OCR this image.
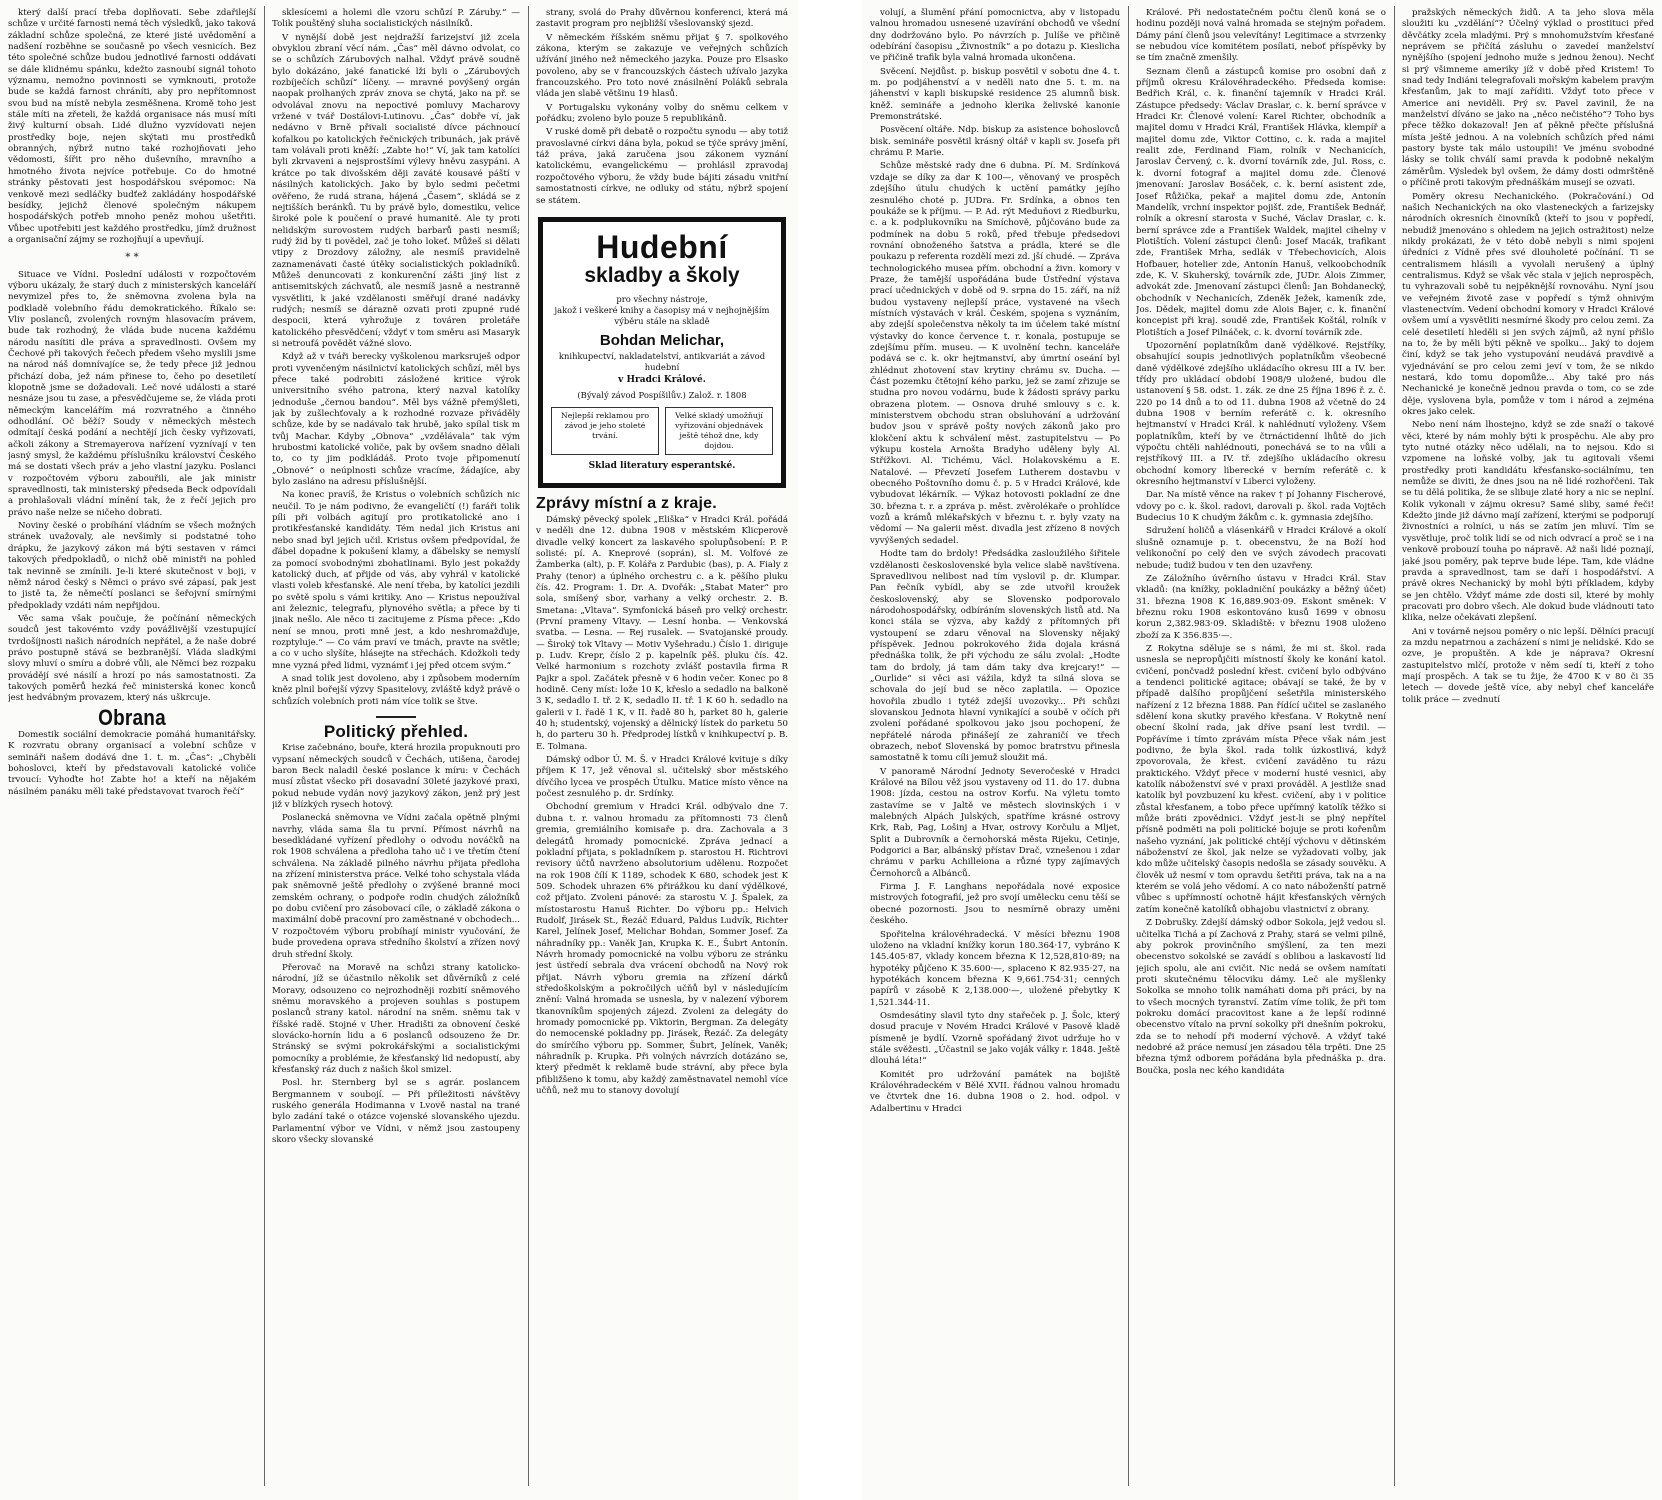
který další prací třeba doplňovati. Sebe zdařilejší schůze v určité farnosti nemá těch výsledků, jako taková základní schůze společná, ze které jisté uvědomění a nadšení rozběhne se současně po všech vesnicích. Bez této společné schůze budou jednotlivé farnosti oddávati se dále klidnému spánku, kdežto zasnoubí signál tohoto významu, nemožno povinnosti se vymknouti, protože bude se každá farnost chráníti, aby pro nepřítomnost svou bud na místě nebyla zesměšnena. Kromě toho jest stále míti na zřeteli, že každá organisace nás musí míti živý kulturní obsah. Lidé dlužno vyzvídovati nejen prostředky boje, nejen skýtati mu prostředků obranných, nýbrž nutno také rozhojňovati jeho vědomosti, šířit pro něho duševního, mravního a hmotného života nejvíce potřebuje. Co do hmotné stránky pěstovati jest hospodářskou svépomoc: Na venkově mezi sedláčky budťež zakládány hospodářské besídky, jejichž členové společným nákupem hospodářských potřeb mnoho peněz mohou ušetřiti. Vůbec upotřebiti jest každého prostředku, jímž družnost a organisační zájmy se rozhojňují a upevňují.

* *

Situace ve Vídni. Poslední události v rozpočtovém výboru ukázaly, že starý duch z ministerských kanceláří nevymizel přes to, že sněmovna zvolena byla na podkladě volebního řádu demokratického. Říkalo se: Vliv poslanců, zvolených rovným hlasovacím právem, bude tak rozhodný, že vláda bude nucena každému národu nasítiti dle práva a spravedlnosti. Ovšem my Čechové při takových řečech předem všeho myslili jsme na národ náš domnívajíce se, že tedy přece již jednou přichází doba, jež nám přinese to, čeho po desetiletí klopotně jsme se dožadovali. Leč nové události a staré nesnáze jsou tu zase, a přesvědčujeme se, že vláda proti německým kancelářím má rozvratného a činného odhodlání. Oč běží? Soudy v německých městech odmítají česká podání a nechtějí jich česky vyřizovati, ačkoli zákony a Stremayerova nařízení vyznívají v ten jasný smysl, že každému příslušníku království Českého má se dostati všech práv a jeho vlastní jazyku. Poslanci v rozpočtovém výboru zabouřili, ale jak ministr spravedlnosti, tak ministerský předseda Beck odpovídali a prohlašovali vládní mínění tak, že z řečí jejich pro právo naše nelze se ničeho dobrati.

Noviny české o probíhání vládním se všech možných stránek uvažovaly, ale nevšimly si podstatné toho drápku, že jazykový zákon má býti sestaven v rámci takových předpokladů, o nichž obě ministři na pohled tak nevinně se zmínili. Je-li které skutečnost v boji, v němž národ český s Němci o právo své zápasí, pak jest to jistě ta, že němečtí poslanci se šeřojvní smírnými předpoklady vzdáti nám nepřijdou.

Věc sama však poučuje, že počínání německých soudců jest takovémto vzdy povážlivější vzestupující tvrdošíjnosti našich národních nepřátel, a že naše dobré právo postupně stává se bezbranější. Vláda sladkými slovy mluví o smíru a dobré vůli, ale Němci bez rozpaku provádějí své násilí a hrozí po nás samostatnosti. Za takových poměrů hezká řeč ministerská konec konců jest hedvábným provazem, který nás uškrcuje.

Obrana

Domestik sociální demokracie pomáhá humanitářsky. K rozvratu obrany organisací a volební schůze v semináři našem dodává dne 1. t. m. „Čas“: „Chyběli bohoslovci, kteří by představovali katolické voliče trvoucí: Vyhoďte ho! Zabte ho! a kteří na nějakém násilném panáku měli také představovat tvaroch řečí“

sklesícemi a holemi dle vzoru schůzí P. Záruby.“ — Tolik pouštěný sluha socialistických násilníků.

V nynější době jest nejdražší farizejství již zcela obvyklou zbraní věcí nám. „Čas“ měl dávno odvolat, co se o schůzích Zárubových nalhal. Vždyť právě soudně bylo dokázáno, jaké fanatické lži byli o „Zárubových rozbíječích schůzí“ líčeny. — mravné povýšený orgán naopak prolhaných zpráv znova se chytá, jako na př. se odvolával znovu na nepoctivé pomluvy Macharovy vržené v tvář Dostálovi-Lutinovu. „Čas“ dobře ví, jak nedávno v Brně přivali socialisté dívce páchnoucí kofalkou po katolických řečnických tribunách, jak právě tam volávali proti kněží: „Zabte ho!“ Ví, jak tam katolíci byli zkrvaveni a nejsprostšími výlevy hněvu zasypáni. A krátce po tak divošském ději zaváté kousavé páští v násilných katolických. Jako by bylo sedmi pečetmi ověřeno, že rudá strana, hájená „Časem“, skládá se z nejtišších beránků. Tu by právě bylo, domestiku, velice široké pole k poučení o pravé humanitě. Ale ty proti nelidským surovostem rudých barbarů pasti nesmíš; rudý žid by ti povědel, zač je toho lokeť. Můžeš si dělati vtipy z Drozdovy záložny, ale nesmíš pravidelně zaznamenávati časté útěky socialistických pokladníků. Můžeš denuncovati z konkurenční zášti jiný list z antisemitských záchvatů, ale nesmíš jasně a nestranně vysvětliti, k jaké vzdělanosti směřují drané nadávky rudých; nesmíš se dárazně ozvati proti zpupné rudé despocii, která vyhrožuje z továren proletáře katolického přesvědčení; vždyť v tom směru asi Masaryk si netroufá povědět vážné slovo.

Když až v tváři berecky vyškolenou marksruješ odpor proti vyvenčeným násilnictví katolických schůzí, měl bys přece také podrobiti zásložené kritice výrok universitního svého patrona, který nazval katolíky jednoduše „černou bandou“. Měl bys vážně přemýšleti, jak by zušlechťovaly a k rozhodné rozvaze přiváděly schůze, kde by se nadávalo tak hrubě, jako spílal tisk m tvůj Machar. Kdyby „Obnova“ „vzdělávala“ tak vým hrubostmi katolické voliče, pak by ovšem snadno dělali to, co ty jim podkládáš. Proto tvoje připomenutí „Obnové“ o neúplnosti schůze vracíme, žádajíce, aby bylo zasláno na adresu příslušnější.

Na konec pravíš, že Kristus o volebních schůzích nic neučil. To je nám podivno, že evangeličtí (!) faráři tolik píli při volbách agitují pro protikatolické ano i protikřesťanské kandidáty. Tém nedal jich Kristus ani nebo snad byl jejich učil. Kristus ovšem předpovídal, že ďábel dopadne k pokušení klamy, a ďábelsky se nemyslí za pomocí svobodnými zbohatlinami. Bylo jest pokaždy katolický duch, ať přijde od vás, aby vyhrál v katolické vlasti voleb křesťanské. Ale není třeba, by katolíci jezdili po světě spolu s vámi kritiky. Ano — Kristus nepoužíval ani železnic, telegrafu, plynového světla; a přece by ti jinak nešlo. Ale něco ti zacitujeme z Písma přece: „Kdo není se mnou, proti mně jest, a kdo neshromažďuje, rozptyluje.“ — Co vám praví ve tmách, pravte na světle; a co v ucho slyšíte, hlásejte na střechách. Kdožkoli tedy mne vyzná před lidmi, vyznámť i jej před otcem svým.“

A snad tolik jest dovoleno, aby i způsobem moderním kněz plnil bořejší výzvy Spasitelovy, zvláště když právě o schůzích volebních proti nám více tolik se štve.

Politický přehled.

Krise začebnáno, bouře, která hrozila propuknouti pro vypsaní německých soudců v Čechách, utišena, čarodej baron Beck naladil české poslance k míru: v Čechách musí zůstat všecko při dosavadní 30leté jazykové praxi, pokud nebude vydán nový jazykový zákon, jenž prý jest již v blízkých rysech hotový.

Poslanecká sněmovna ve Vídni začala opětně plnými navrhy, vláda sama šla tu první. Přímost návrhů na besedkládané vyřízení předlohy o odvodu nováčků na rok 1908 schválena a předloha taho uč i ve třetím čtení schválena. Na základě pilného návrhu přijata předloha na zřízení ministerstva práce. Velké toho schystala vláda pak sněmovně ještě předlohy o zvýšené branné moci zemském ochrany, o podpoře rodin chudých záložníků po dobu cvičení pro zásobovací cíle, o základě zákona o maximální době pracovní pro zaměstnané v obchodech... V rozpočtovém výboru probíhají ministr vyučování, že bude provedena oprava středního školství a zřízen nový druh střední školy.

Přerovač na Moravě na schůzi strany katolicko-národní, jíž se účastnilo několik set důvěrníků z celé Moravy, odsouzeno co nejrozhodněji rozbití sněmového sněmu moravského a projeven souhlas s postupem poslanců strany katol. národní na sněm. sněmu tak v říšské radě. Stojné v Uher. Hradišti za obnovení české slovácko-hornín lidu a 6 poslanců odsouzeno že Dr. Stránský se svými pokrokářskými a socialistickými pomocníky a problémie, že křesťanský lid nedopustí, aby křesťanský ráz duch z našich škol smizel.

Posl. hr. Sternberg byl se s agrár. poslancem Bergmannem v soubojí. — Při příležitosti návštěvy ruského generála Hodimanna v Lvově nastal na trané bylo zadání také o otázce vojenské slovanského ujezdu. Parlamentní výbor ve Vídni, v němž jsou zastoupeny skoro všecky slovanské

strany, svolá do Prahy důvěrnou konferenci, která má zastavit program pro nejbližší všeslovanský sjezd.

V německém říšském sněmu přijat § 7. spolkového zákona, kterým se zakazuje ve veřejných schůzích užívání jiného než německého jazyka. Pouze pro Elsasko povoleno, aby se v francouzských částech užívalo jazyka francouzského. Pro toto nové znásilnění Poláků sebrala vláda jen slabě většinu 19 hlasů.

V Portugalsku vykonány volby do sněmu celkem v pořádku; zvoleno bylo pouze 5 republikánů.

V ruské domě při debatě o rozpočtu synodu — aby totiž pravoslavné církvi dána byla, pokud se týče správy jmění, táž práva, jaká zaručena jsou zákonem vyznání katolickému, evangelickému — prohlásil zpravodaj rozpočtového výboru, že vždy bude bájiti zásadu vnitřní samostatnosti církve, ne odluky od státu, nýbrž spojení se státem.

Hudební
skladby a školy
pro všechny nástroje,
jakož i veškeré knihy a časopisy má v nejhojnějším výběru stále na skladě
Bohdan Melichar,
knihkupectví, nakladatelství, antikvariát a závod hudební
v Hradci Králové.
(Bývalý závod Pospíšilův.) Založ. r. 1808
Nejlepší reklamou pro závod je jeho stoleté trvání.
Velké skladý umožňují vyřizování objednávek ještě téhož dne, kdy dojdou.
Sklad literatury esperantské.
Zprávy místní a z kraje.

Dámský pěvecký spolek „Eliška“ v Hradci Král. pořádá v neděli dne 12. dubna 1908 v městském Klicperově divadle velký koncert za laskavého spolupůsobení: P. P. solisté: pí. A. Kneprové (soprán), sl. M. Volfové ze Žamberka (alt), p. F. Kolářa z Pardubic (bas), p. A. Fialy z Prahy (tenor) a úplného orchestru c. a k. pěšího pluku čís. 42. Program: 1. Dr. A. Dvořák: „Stabat Mater“ pro sola, smíšený sbor, varhany a velký orchestr. 2. B. Smetana: „Vltava“. Symfonická báseň pro velký orchestr. (První prameny Vltavy. — Lesní honba. — Venkovská svatba. — Lesna. — Rej rusalek. — Svatojanské proudy. — Široký tok Vltavy — Motiv Vyšehradu.) Číslo 1. diriguje p. Ludv. Krepr, číslo 2 p. kapelník pěš. pluku čís. 42. Velké harmonium s rozchoty zvlášť postavila firma R Pajkr a spol. Začátek přesně v 6 hodin večer. Konec po 8 hodině. Ceny míst: lože 10 K, křeslo a sedadlo na balkoně 3 K, sedadlo I. tř. 2 K, sedadlo II. tř. 1 K 60 h. sedadlo na galerii v I. řadě 1 K, v II. řadě 80 h, parket 80 h, galerie 40 h; studentský, vojenský a dělnický lístek do parketu 50 h, do parteru 30 h. Předprodej lístků v knihkupectví p. B. E. Tolmana.

Dámský odbor Ú. M. Š. v Hradci Králové kvituje s díky příjem K 17, jež věnoval sl. učitelský sbor městského dívčího lycea ve prospěch Útulku. Matice místo věnce na počest zesnulého p. dr. Srdínky.

Obchodní gremium v Hradci Král. odbývalo dne 7. dubna t. r. valnou hromadu za přítomnosti 73 členů gremia, gremiálního komisaře p. dra. Zachovala a 3 delegátů hromady pomocnické. Zpráva jednací a pokladní přijata, s pokladníkem p. starostou H. Richtrovi revisory účtů navrženo absolutorium udělenu. Rozpočet na rok 1908 čílí K 1189, schodek K 680, schodek jest K 509. Schodek uhrazen 6% přirážkou ku daní výdělkové, což přijato. Zvoleni pánové: za starostu V. J. Špalek, za místostarostu Hanuš Richter. Do výboru pp.: Helvich Rudolf, Jirásek St., Řezáč Eduard, Paldus Ludvík, Richter Karel, Jelínek Josef, Melichar Bohdan, Sommer Josef. Za náhradníky pp.: Vaněk Jan, Krupka K. E., Šubrt Antonín. Návrh hromady pomocnické na volbu výboru ze stránku jest ústředí sebrala dva vrácení obchodů na Nový rok přijat. Návrh výboru gremia na zřízení dárků středoškolským a pokročilých učňů byl v následujícím znění: Valná hromada se usnesla, by v nalezení výborem tkanovníkům spojených zájezd. Zvoleni za delegáty do hromady pomocnické pp. Viktorin, Bergman. Za delegáty do nemocenské pokladny pp. Jirásek, Řezáč. Za delegáty do smírčího výboru pp. Sommer, Šubrt, Jelínek, Vaněk; náhradník p. Krupka. Při volných návrzích dotázáno se, který předmět k reklamě bude strávní, aby přece byla pfibližšeno k tomu, aby každý zaměstnavatel nemohl více učňů, než mu to stanovy dovolují

volují, a šlumění přání pomocnictva, aby v listopadu valnou hromadou usnesené uzavírání obchodů ve všední dny dodržováno bylo. Po návrzích p. Julíše ve přičině odebírání časopisu „Živnostník“ a po dotazu p. Kieslicha ve přičině trafik byla valná hromada ukončena.

Svěcení. Nejdůst. p. biskup posvětil v sobotu dne 4. t. m. po podjáhenství a v neděli nato dne 5. t. m. na jáhenství v kapli biskupské residence 25 alumnů bisk. kněž. semináře a jednoho klerika želivské kanonie Premonstrátské.

Posvěcení oltáře. Ndp. biskup za asistence bohoslovců bisk. semináře posvětil krásný oltář v kapli sv. Josefa při chrámu P. Marie.

Schůze městské rady dne 6 dubna. Pí. M. Srdínková vzdaje se díky za dar K 100—, věnovaný ve prospěch zdejšího útulu chudých k uctění památky jejího zesnulého choté p. JUDra. Fr. Srdínka, a obnos ten poukáže se k příjmu. — P. Ad. rýt Meduňovi z Riedburku, c. a k. podplukovníku na Smíchově, půjčováno bude za podmínek na dobu 5 roků, před třebuje předsedovi rovnání obnoženého šatstva a prádla, které se dle poukazu p referenta rozdělí mezi zd. jší chudé. — Zpráva technologického musea přím. obchodní a živn. komory v Praze, že tamější uspořádána bude Ústřední výstava prací učednických v době od 9. srpna do 15. září, na níž budou vystaveny nejlepší práce, vystavené na všech místních výstavách v král. Českém, spojena s vyznáním, aby zdejší společenstva několy ta im účelem také místní výstavky do konce července t. r. konala, postupuje se zdejšímu přím. museu. — K uvolnění techn. kanceláře podává se c. k. okr hejtmanství, aby úmrtní oseání byl zhlédnut zhotovení stav krytiny chrámu sv. Ducha. — Část pozemku čtětojní kého parku, jež se zamí zřizuje se studna pro novou vodárnu, bude k žádosti správy parku obrazena plotem. — Osnova druhé smlouvy s c. k. ministerstvem obchodu stran obsluhování a udržování budov jsou v správě pošty nových zákonů jako pro klokčení aktu k schválení měst. zastupitelstvu — Po výkupu kostela Arnošta Bradyho uděleny byly Al. Střížkovi. Al. Tichému, Václ. Holakovskému a E. Natalové. — Převzetí Josefem Lutherem dostavbu v obecného Poštovního domu č. p. 5 v Hradci Králové, kde vybudovat lékárník. — Výkaz hotovosti pokladní ze dne 30. března t. r. a zpráva p. měst. zvěrolékaře o prohlídce vozů a krámů mlékařských v březnu t. r. byly vzaty na vědomí — Na galerii měst. divadla jest zřízeno 8 nových vyvýšených sedadel.

Hodte tam do brdoly! Předsádka zasloužilého šiřitele vzdělanosti československé byla velice slabě navštívena. Spravedlivou nelibost nad tím vyslovil p. dr. Klumpar. Pan řečník vybídl, aby se zde utvořil kroužek československý, aby se Slovensko podporovalo národohospodářsky, odbíráním slovenských listů atd. Na konci stála se výzva, aby každý z přítomných při vystoupení se zdaru věnoval na Slovensky nějaký příspěvek. Jednou pokrokového žida dojala krásná přednáška tolik, že při východu ze sálu zvolal: „Hodte tam do brdoly, já tam dám taky dva krejcary!“ — „Ourlide“ si věci asi vážila, když ta silná slova se schovala do její bud se něco zaplatila. — Opozice hovořila zbudlo i tytéž zdejší uvozovky... Při schůzi slovanskou Jednota hlavní vynikající a soubě v očích při zvolení pořádané spolkovou jako jsou pochopení, že nepřátelé národa přinášejí ze zahraničí ve třech obrazech, neboť Slovenská by pomoc bratrstvu přinesla samostatně k tomu cíli jemuž sloužit má.

V panoramě Národní Jednoty Severočeské v Hradci Králové na Bílou věž jsou vystaveny od 11. do 17. dubna 1908: jízda, cestou na ostrov Korfu. Na výletu tomto zastavíme se v Jaltě ve městech slovinských i v malebných Alpách Julských, spatříme krásné ostrovy Krk, Rab, Pag, Lošinj a Hvar, ostrovy Korčulu a Mljet, Split a Dubrovník a černohorská města Rijeku, Cetinje, Podgorici a Bar, albánský přístav Drač, vznešenou i zdar chrámu v parku Achilleiona a různé typy zajímavých Černohorců a Albánců.

Firma J. F. Langhans nepořádala nové exposice mistrových fotografií, jež pro svojí umělecku cenu těší se obecné pozornosti. Jsou to nesmírně obrazy uměni českého.

Spořitelna královéhradecká. V měsíci březnu 1908 uloženo na vkladní knížky korun 180.364·17, vybráno K 145.405·87, vklady koncem března K 12,528,810·89; na hypotéky půjčeno K 35.600·—, splaceno K 82.935·27, na hypotékách koncem března K 9,661.754·31; cenných papírů v zásobě K 2,138.000·—, uložené přebytky K 1,521.344·11.

Osmdesátiny slavil tyto dny stařeček p. J. Šolc, který dosud pracuje v Novém Hradci Králové v Pasově kladě písmeně je bydlí. Vzorně spořádaný život udržuje ho v stále svěžesti. „Účastnil se jako voják války r. 1848. Ještě dlouhá léta!“

Komitét pro udržování památek na bojiště Královéhradeckém v Bělé XVII. řádnou valnou hromadu ve čtvrtek dne 16. dubna 1908 o 2. hod. odpol. v Adalbertinu v Hradci

Králové. Při nedostatečném počtu členů koná se o hodinu později nová valná hromada se stejným pořadem. Dámy pání členů jsou velevítány! Legitimace a stvrzenky se nebudou více komitétem posílati, neboť příspěvky by se tím značně zmenšily.

Seznam členů a zástupců komise pro osobní daň z příjmů okresu Královéhradeckého. Předseda komise: Bedřich Král, c. k. finanční tajemník v Hradci Král. Zástupce předsedy: Václav Draslar, c. k. berní správce v Hradci Kr. Členové volení: Karel Richter, obchodník a majitel domu v Hradci Král, František Hlávka, klempíř a majitel domu zde, Viktor Cottino, c. k. rada a majitel realit zde, Ferdinand Fiam, rolník v Nechanicích, Jaroslav Červený, c. k. dvorní továrník zde, Jul. Ross, c. k. dvorní fotograf a majitel domu zde. Členové jmenovaní: Jaroslav Bosáček, c. k. berní asistent zde, Josef Růžička, pekař a majitel domu zde, Antonín Mandelík, vrchní inspektor pojišť. zde, František Bednář, rolník a okresní starosta v Suché, Václav Draslar, c. k. berní správce zde a František Waldek, majitel cihelny v Plotištích. Volení zástupci členů: Josef Macák, trafikant zde, František Mrha, sedlák v Třebechovicích, Alois Hofbauer, hotelier zde, Antonín Hanuš, velkoobchodník zde, K. V. Skuherský, továrník zde, JUDr. Alois Zimmer, advokát zde. Jmenovaní zástupci členů: Jan Bohdanecký, obchodník v Nechanicích, Zdeněk Ježek, kameník zde, Jos. Dědek, majitel domu zde Alois Bajer, c. k. finanční koncepist při kraj. soudě zde, František Koštál, rolník v Plotištích a Josef Pilnáček, c. k. dvorní továrník zde.

Upozornění poplatníkům daně výdělkové. Rejstříky, obsahující soupis jednotlivých poplatníkům všeobecné daně výdělkové zdejšího ukládacího okresu III a IV. ber. třídy pro ukládací období 1908/9 uložené, budou dle ustanovení § 58. odst. 1. zák. ze dne 25 října 1896 ř. z. č. 220 po 14 dnů a to od 11. dubna 1908 až včetně do 24 dubna 1908 v berním referátě c. k. okresního hejtmanství v Hradci Král. k nahlédnutí vyloženy. Všem poplatníkům, kteří by ve čtrnáctidenní lhůtě do jich výpočtu chtěli nahlédnouti, ponechává se to na vůli a rejstříkový III. a IV. tř. zdejšího ukládacího okresu obchodní komory liberecké v berním referátě c. k okresního hejtmanství v Liberci vyloženy.

Dar. Na místě věnce na rakev † pí Johanny Fischerové, vdovy po c. k. škol. radovi, darovali p. škol. rada Vojtěch Budecius 10 K chudým žákům c. k. gymnasia zdejšího.

Sdružení holičů a vlásenkářů v Hradci Králové a okolí slušně oznamuje p. t. obecenstvu, že na Boží hod velikonoční po celý den ve svých závodech pracovati nebude; tudiž budou v ten den uzavřeny.

Ze Záložního úvěrního ústavu v Hradci Král. Stav vkladů: (na knížky, pokladniční poukázky a běžný účet) 31. března 1908 K 16,889.903·09. Eskont směnek: V březnu roku 1908 eskontováno kusů 1699 v obnosu korun 2,382.983·09. Skladiště: v březnu 1908 uloženo zboží za K 356.835·—.

Z Rokytna sděluje se s námi, že mi st. škol. rada usnesla se nepropůjčiti místností školy ke konání katol. cvičení, pončvadž poslední křest. cvičení bylo odbýváno a tendenci politické agitace; obávají se také, že by v případě dalšího propůjčení sešetřila ministerského nařízení z 12 března 1888. Pan řídící učitel se zaslaného sdělení kona skutky pravého křesťana. V Rokytně není obecní školní rada, jak dříve psaní lest tvrdil. — Popřávíme i tímto zprávám místa Přece však nám jest podivno, že byla škol. rada tolik úzkostlivá, když zpovorovala, že křest. cvičení zaváděno tu rázu praktického. Vždyť přece v moderní husté vesnici, aby katolík náboženství své v praxi prováděl. A jestliže snad katolík byl povzbuzení ku křest. cvičení, aby i v politice zůstal křesťanem, a tobo přece upřímný katolík těžko si může bráti zpovědnici. Vždyť jest-li se plný nepřítel přísně podměti na poli politické bojuje se proti kořenům našeho vyznání, jak politické chtějí výchovu v dětinském náboženství ze škol, jak nelze se vyžadovati volby, jak kdo může učitelský časopis nedošla se zásady souvěku. A člověk už nesmí v tom opravdu šetřiti práva, tak na a na kterém se volá jeho vědomí. A co nato náboženští patrně vůbec s upřímností ochotně hájit křesťanských věrných zatím konečně katolíků obhajobu vlastnictví z obrany.

Z Dobrušky. Zdejší dámský odbor Sokola, jejž vedou sl. učitelka Tichá a pí Zachová z Prahy, stará se velmi pilně, aby pokrok provinčního smýšlení, za ten mezi obecenstvo sokolské se zavádí s oblibou a laskavostí lid jejich spolu, ale ani cvičit. Nic nedá se ovšem namítati proti skutečnému tělocviku dámy. Leč ale myšlenky Sokolka se mnoho tolik namáhati doma při práci, by na to všech mocných tyranství. Zatím víme tolik, že při tom pokroku domácí pracovitost kane a že lepší rodinné obecenstvo vítalo na první sokolky při dnešním pokroku, zda se to nehodí při moderní výchově. A vždyť také nedobré až práce nemusí jen zásadou těla trpěti. Dne 25 března týmž odborem pořádána byla přednáška p. dra. Boučka, posla nec kého kandidáta

pražských německých židů. A ta jeho slova měla sloužiti ku „vzdělání“? Účelný výklad o prostituci před děvčátky zcela mladými. Prý s mnohomužstvím křesťané neprávem se přičítá zásluhu o zavedeí manželství nynějšího (spojení jednoho muže s jednou ženou). Nechť si prý všimneme ameriky jíž v době před Kristem! To snad tedy Indiáni telegrafovali mořským kabelem pravým křesťanům, jak to mají zaříditi. Vždyť toto přece v Americe ani neviděli. Prý sv. Pavel zavinil, že na manželství díváno se jako na „něco nečistého“? Toho bys přece těžko dokazoval! Jen ať pěkně přečte příslušná místa ještě jednou. A na volebních schůzích před námi pastory byste tak málo ustoupili! Ve jménu svobodné lásky se tolik chválí sami pravda k podobně nekalým záměrům. Výsledek byl ovšem, že dámy dosti odmrštěně o příčině proti takovým přednáškám musejí se ozvati.

Poměry okresu Nechanického. (Pokračování.) Od našich Nechanických na oko vlasteneckých a farizejsky národních okresních činovníků (kteří to jsou v popředí, nebudiž jmenováno s ohledem na jejich ostražitost) nelze nikdy prokázati, že v této době nebyli s nimi spojeni úředníci z Vídně přes své dlouholeté počínání. Ti se centralismem hlásili a vyvolali nerušený a úplný centralismus. Když se však věc stala v jejich neprospěch, tu vyhrazovali sobě tu nejpěknější rovnováhu. Nyní jsou ve veřejném životě zase v popředí s týmž ohnivým vlastenectvím. Vedení obchodní komory v Hradci Králové ovšem umí a vysvětliti nesmírné škody pro celou zemi. Za celé desetiletí hleděli si jen svých zájmů, až nyní přišlo na to, že by měli býti pěkně ve spolku... Jaký to dojem činí, když se tak jeho vystupování neudává pravdivě a vyjednávání se pro celou zemi jeví v tom, že se nikdo nestará, kdo tomu dopomůže... Aby také pro nás Nechanické je konečně jednou pravda o tom, co se zde děje, vyslovena byla, pomůže v tom i národ a zejména okres jako celek.

Nebo není nám lhostejno, když se zde snaží o takové věci, které by nám mohly býti k prospěchu. Ale aby pro tyto nutné otázky něco udělali, na to nejsou. Kdo si vzpomene na loňské volby, jak tu agitovali všemi prostředky proti kandidátu křesťansko-sociálnímu, ten nemůže se diviti, že dnes jsou na ně lidé rozhořčeni. Tak se tu dělá politika, že se slibuje zlaté hory a nic se neplní. Kolik vykonali v zájmu okresu? Samé sliby, samé řeči! Kdežto jinde již dávno mají zařízení, kterými se podporují živnostníci a rolníci, u nás se zatím jen mluví. Tím se vysvětluje, proč tolik lidí se od nich odvrací a proč se i na venkově probouzí touha po nápravě. Až naši lidé poznají, jaké jsou poměry, pak teprve bude lépe. Tam, kde vládne pravda a spravedlnost, tam se daří i hospodářství. A právě okres Nechanický by mohl býti příkladem, kdyby se jen chtělo. Vždyť máme zde dosti sil, které by mohly pracovati pro dobro všech. Ale dokud bude vládnouti tato klika, nelze očekávati zlepšení.

Ani v továrně nejsou poměry o nic lepší. Dělníci pracují za mzdu nepatrnou a zacházení s nimi je nelidské. Kdo se ozve, je propuštěn. A kde je náprava? Okresní zastupitelstvo mlčí, protože v něm sedí ti, kteří z toho mají prospěch. A tak se tu žije, že 4700 K v 80 či 35 letech — dovede ještě více, aby nebyl chef kanceláře tolik práce — zvednutí
